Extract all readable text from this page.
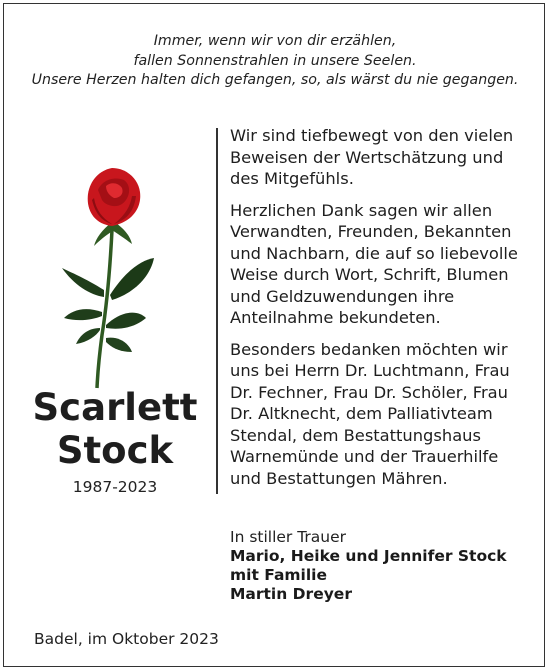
Immer, wenn wir von dir erzählen,
fallen Sonnenstrahlen in unsere Seelen.
Unsere Herzen halten dich gefangen, so, als wärst du nie gegangen.
Scarlett
Stock
1987-2023

Wir sind tiefbewegt von den vielen
Beweisen der Wertschätzung und
des Mitgefühls.

Herzlichen Dank sagen wir allen
Verwandten, Freunden, Bekannten
und Nachbarn, die auf so liebevolle
Weise durch Wort, Schrift, Blumen
und Geldzuwendungen ihre
Anteilnahme bekundeten.

Besonders bedanken möchten wir
uns bei Herrn Dr. Luchtmann, Frau
Dr. Fechner, Frau Dr. Schöler, Frau
Dr. Altknecht, dem Palliativteam
Stendal, dem Bestattungshaus
Warnemünde und der Trauerhilfe
und Bestattungen Mähren.

In stiller Trauer
Mario, Heike und Jennifer Stock
mit Familie
Martin Dreyer
Badel, im Oktober 2023
